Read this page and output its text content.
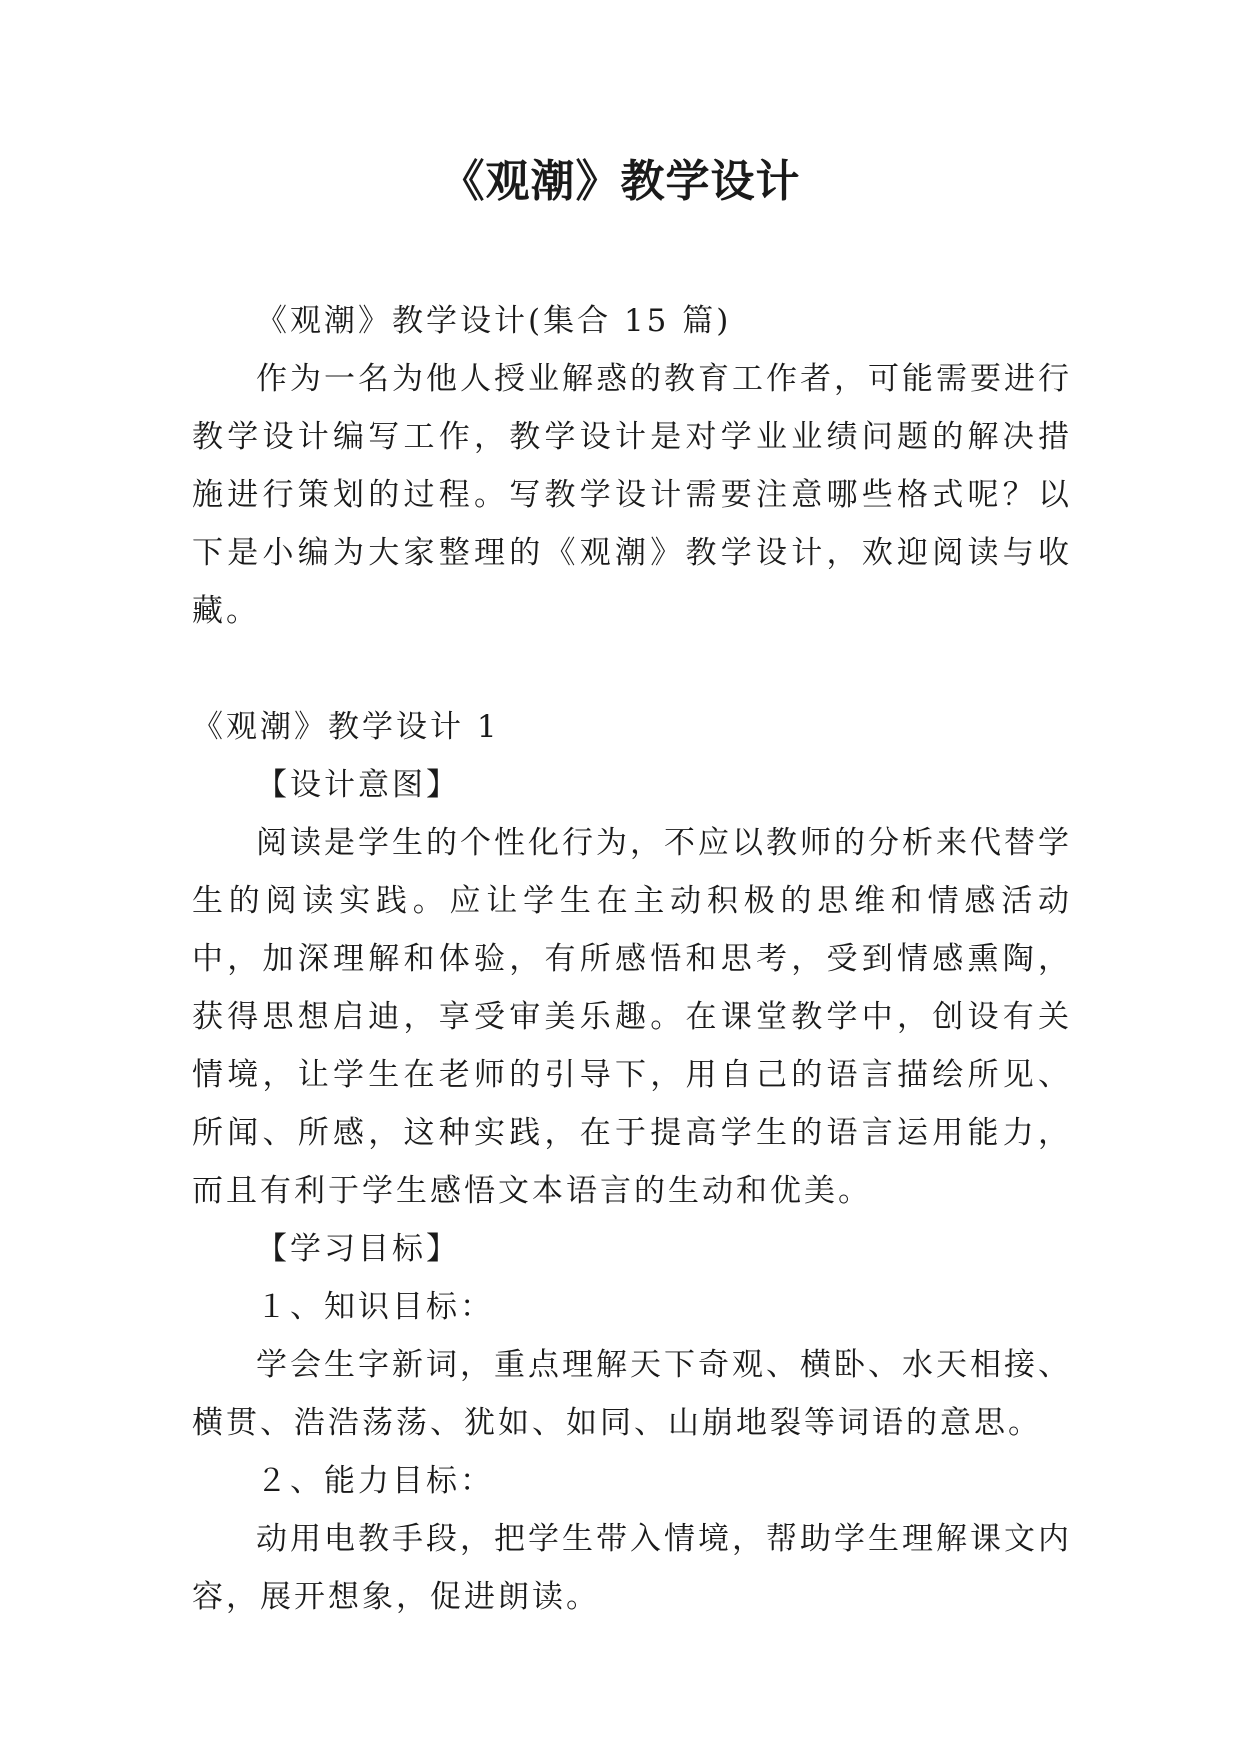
《观潮》教学设计

《观潮》教学设计(集合 15 篇)

作为一名为他人授业解惑的教育工作者，可能需要进行教学设计编写工作，教学设计是对学业业绩问题的解决措施进行策划的过程。写教学设计需要注意哪些格式呢？以下是小编为大家整理的《观潮》教学设计，欢迎阅读与收藏。

《观潮》教学设计 1

【设计意图】

阅读是学生的个性化行为，不应以教师的分析来代替学生的阅读实践。应让学生在主动积极的思维和情感活动中，加深理解和体验，有所感悟和思考，受到情感熏陶，获得思想启迪，享受审美乐趣。在课堂教学中，创设有关情境，让学生在老师的引导下，用自己的语言描绘所见、所闻、所感，这种实践，在于提高学生的语言运用能力，而且有利于学生感悟文本语言的生动和优美。

【学习目标】

１、知识目标：

学会生字新词，重点理解天下奇观、横卧、水天相接、横贯、浩浩荡荡、犹如、如同、山崩地裂等词语的意思。

２、能力目标：

动用电教手段，把学生带入情境，帮助学生理解课文内容，展开想象，促进朗读。
